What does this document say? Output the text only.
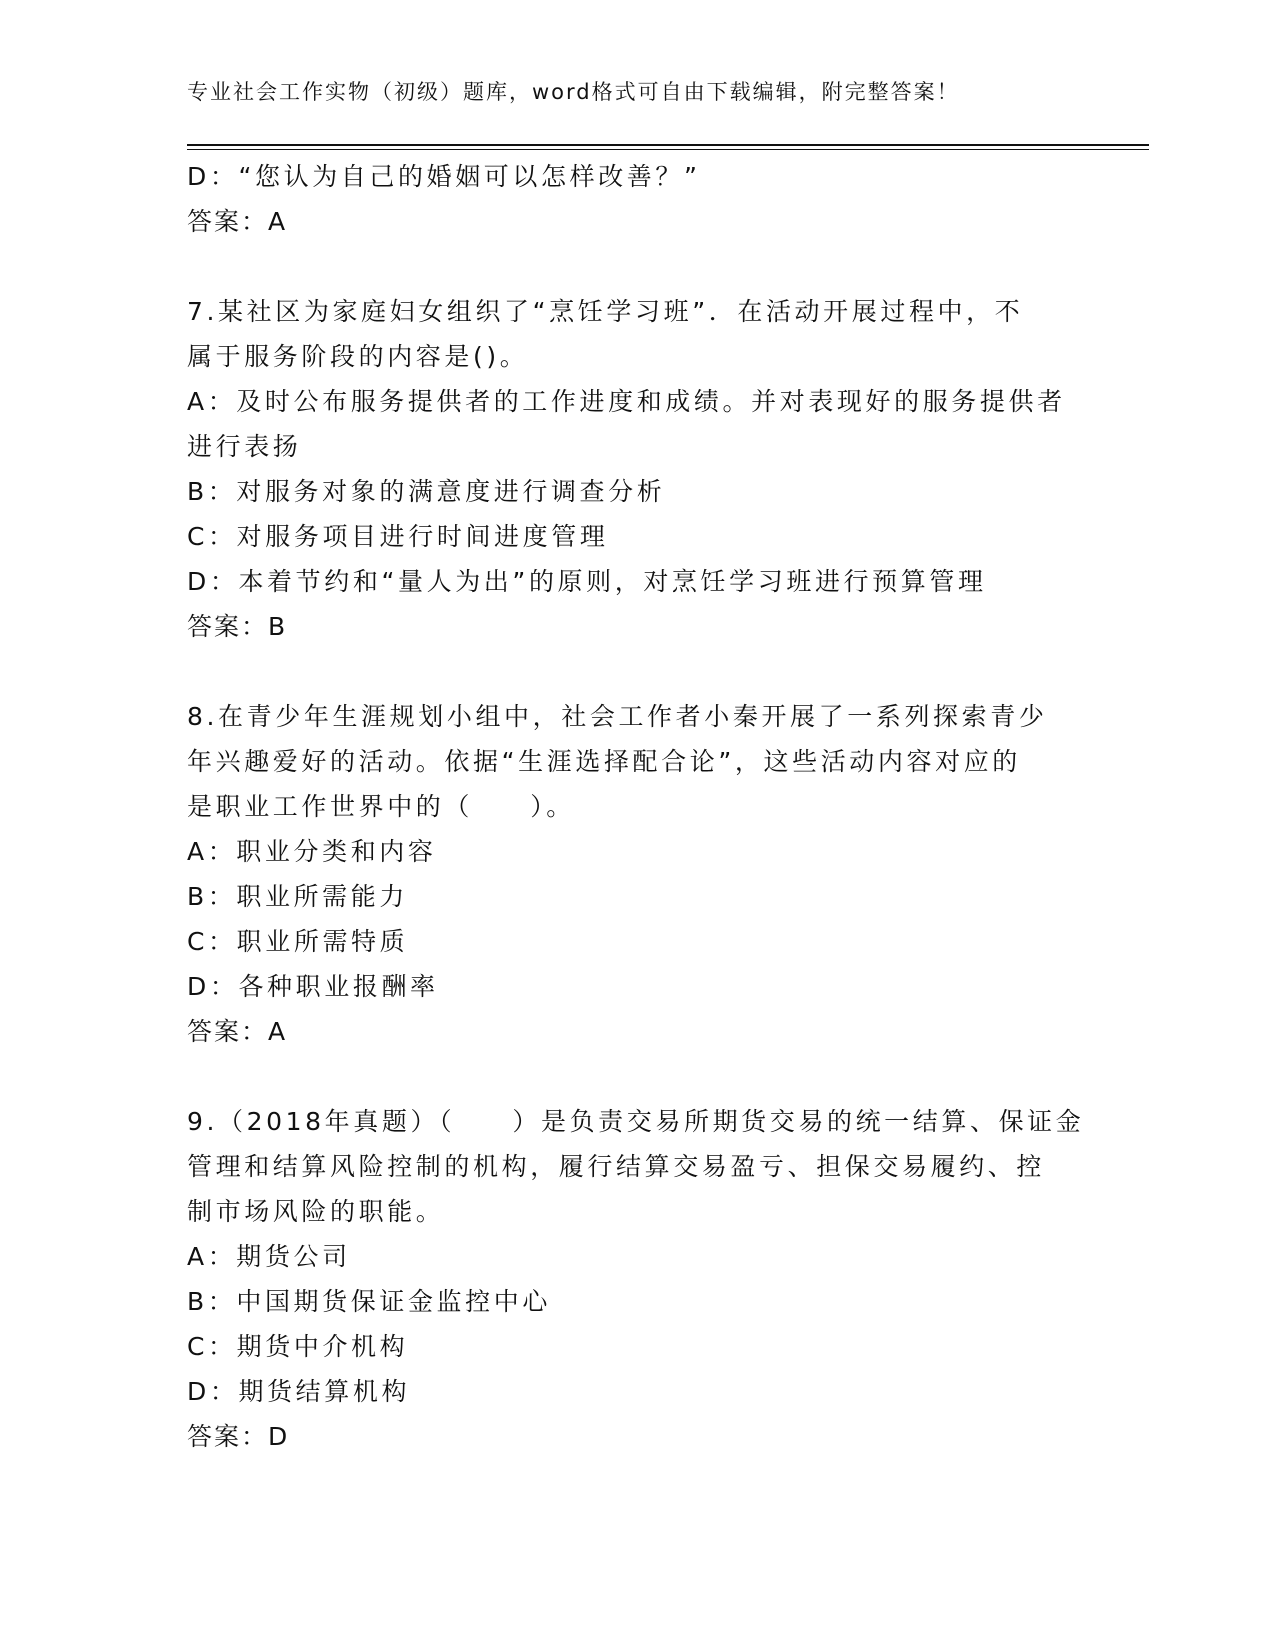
专业社会工作实物（初级）题库，word格式可自由下载编辑，附完整答案！

D：“您认为自己的婚姻可以怎样改善？”

答案：A

7.某社区为家庭妇女组织了“烹饪学习班”．在活动开展过程中，不

属于服务阶段的内容是()。

A：及时公布服务提供者的工作进度和成绩。并对表现好的服务提供者

进行表扬

B：对服务对象的满意度进行调查分析

C：对服务项目进行时间进度管理

D：本着节约和“量人为出”的原则，对烹饪学习班进行预算管理

答案：B

8.在青少年生涯规划小组中，社会工作者小秦开展了一系列探索青少

年兴趣爱好的活动。依据“生涯选择配合论”，这些活动内容对应的

是职业工作世界中的（　　）。

A：职业分类和内容

B：职业所需能力

C：职业所需特质

D：各种职业报酬率

答案：A

9.（2018年真题）（　　）是负责交易所期货交易的统一结算、保证金

管理和结算风险控制的机构，履行结算交易盈亏、担保交易履约、控

制市场风险的职能。

A：期货公司

B：中国期货保证金监控中心

C：期货中介机构

D：期货结算机构

答案：D
